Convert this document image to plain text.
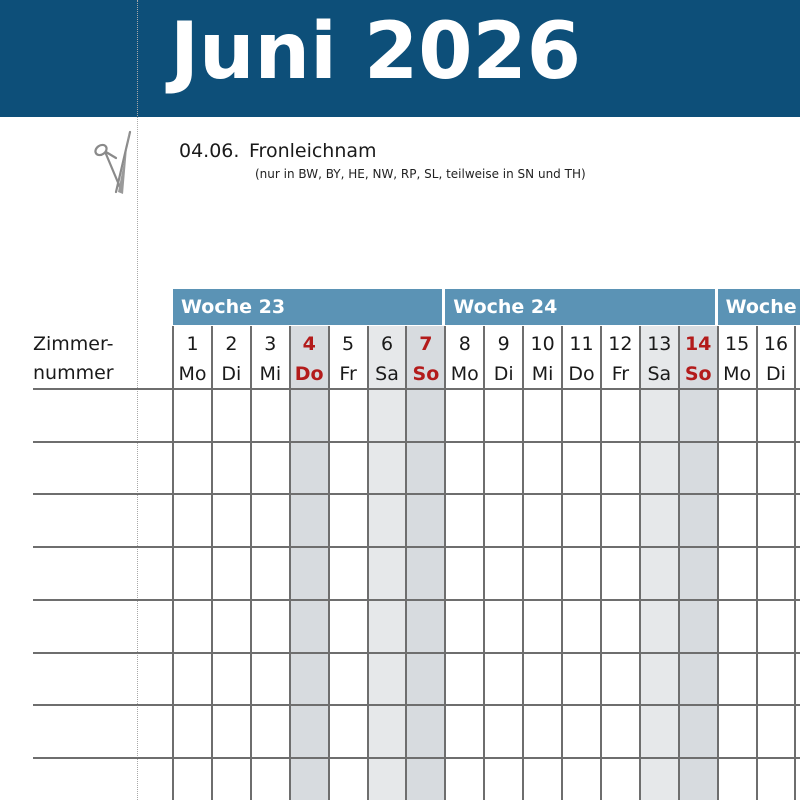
Juni 2026
04.06. Fronleichnam
(nur in BW, BY, HE, NW, RP, SL, teilweise in SN und TH)
Woche 23	Woche 24	Woche
Zimmer-
nummer
1
Mo
2
Di
3
Mi
4
Do
5
Fr
6
Sa
7
So
8
Mo
9
Di
10
Mi
11
Do
12
Fr
13
Sa
14
So
15
Mo
16
Di
